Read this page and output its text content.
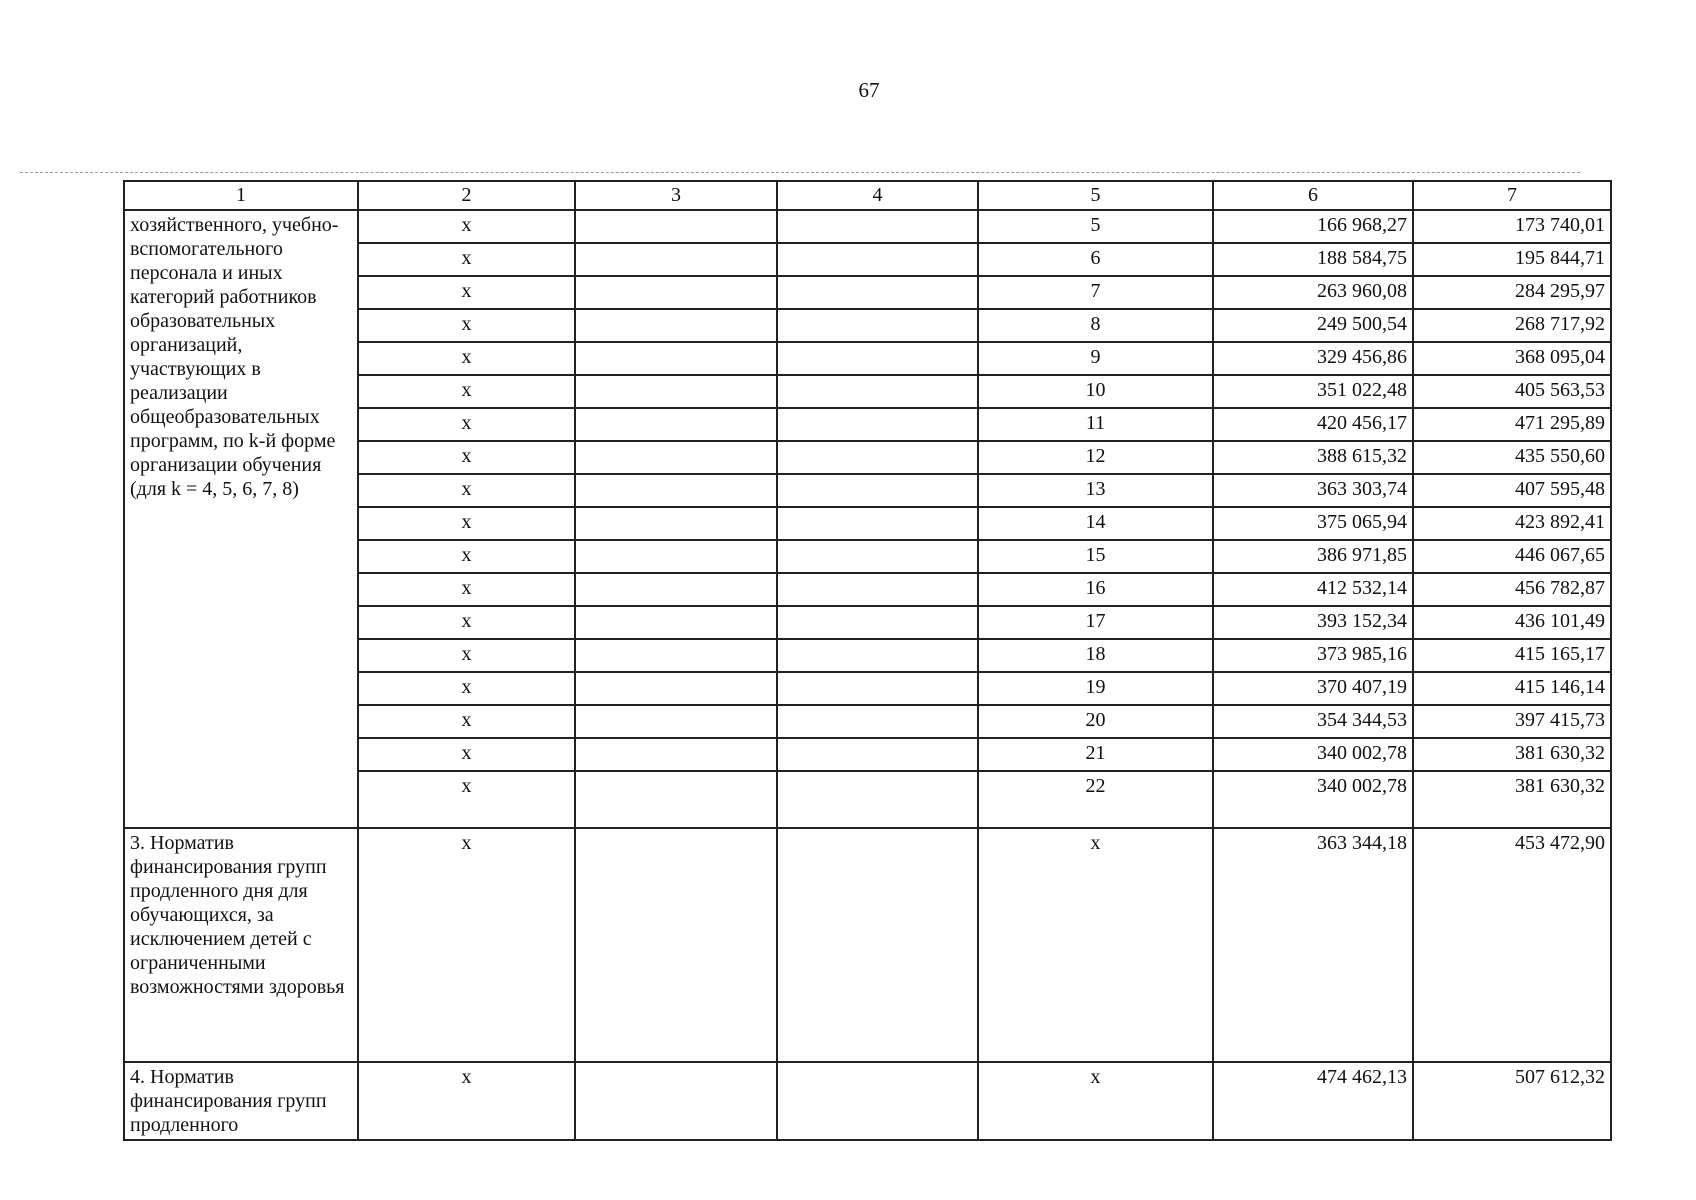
67
1	2	3	4	5	6	7

хозяйственного, учебно- вспомогательного персонала и иных категорий работников образовательных организаций, участвующих в реализации общеобразовательных программ, по k-й форме организации обучения (для k = 4, 5, 6, 7, 8)	x			5	166 968,27	173 740,01
	x			6	188 584,75	195 844,71
	x			7	263 960,08	284 295,97
	x			8	249 500,54	268 717,92
	x			9	329 456,86	368 095,04
	x			10	351 022,48	405 563,53
	x			11	420 456,17	471 295,89
	x			12	388 615,32	435 550,60
	x			13	363 303,74	407 595,48
	x			14	375 065,94	423 892,41
	x			15	386 971,85	446 067,65
	x			16	412 532,14	456 782,87
	x			17	393 152,34	436 101,49
	x			18	373 985,16	415 165,17
	x			19	370 407,19	415 146,14
	x			20	354 344,53	397 415,73
	x			21	340 002,78	381 630,32
	x			22	340 002,78	381 630,32

3. Норматив финансирования групп продленного дня для обучающихся, за исключением детей с ограниченными возможностями здоровья	x			x	363 344,18	453 472,90
4. Норматив финансирования групп продленного	x			x	474 462,13	507 612,32
